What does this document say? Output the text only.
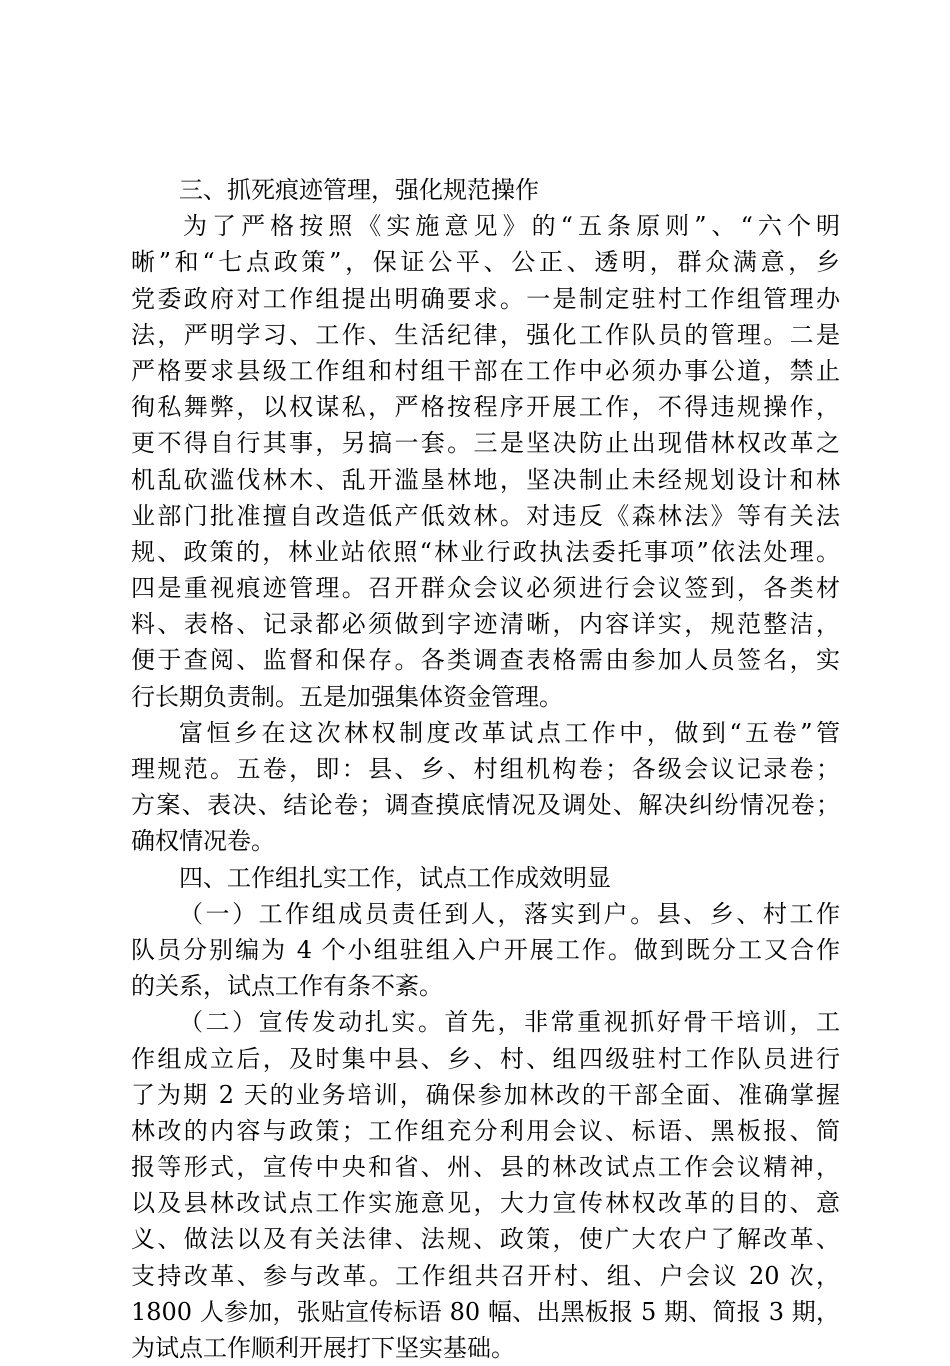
三、抓死痕迹管理，强化规范操作
为了严格按照《实施意见》的“五条原则”、“六个明
晰”和“七点政策”，保证公平、公正、透明，群众满意，乡
党委政府对工作组提出明确要求。一是制定驻村工作组管理办
法，严明学习、工作、生活纪律，强化工作队员的管理。二是
严格要求县级工作组和村组干部在工作中必须办事公道，禁止
徇私舞弊，以权谋私，严格按程序开展工作，不得违规操作，
更不得自行其事，另搞一套。三是坚决防止出现借林权改革之
机乱砍滥伐林木、乱开滥垦林地，坚决制止未经规划设计和林
业部门批准擅自改造低产低效林。对违反《森林法》等有关法
规、政策的，林业站依照“林业行政执法委托事项”依法处理。
四是重视痕迹管理。召开群众会议必须进行会议签到，各类材
料、表格、记录都必须做到字迹清晰，内容详实，规范整洁，
便于查阅、监督和保存。各类调查表格需由参加人员签名，实
行长期负责制。五是加强集体资金管理。
富恒乡在这次林权制度改革试点工作中，做到“五卷”管
理规范。五卷，即：县、乡、村组机构卷；各级会议记录卷；
方案、表决、结论卷；调查摸底情况及调处、解决纠纷情况卷；
确权情况卷。
四、工作组扎实工作，试点工作成效明显
（一）工作组成员责任到人，落实到户。县、乡、村工作
队员分别编为 4 个小组驻组入户开展工作。做到既分工又合作
的关系，试点工作有条不紊。
（二）宣传发动扎实。首先，非常重视抓好骨干培训，工
作组成立后，及时集中县、乡、村、组四级驻村工作队员进行
了为期 2 天的业务培训，确保参加林改的干部全面、准确掌握
林改的内容与政策；工作组充分利用会议、标语、黑板报、简
报等形式，宣传中央和省、州、县的林改试点工作会议精神，
以及县林改试点工作实施意见，大力宣传林权改革的目的、意
义、做法以及有关法律、法规、政策，使广大农户了解改革、
支持改革、参与改革。工作组共召开村、组、户会议 20 次，
1800 人参加，张贴宣传标语 80 幅、出黑板报 5 期、简报 3 期，
为试点工作顺利开展打下坚实基础。
